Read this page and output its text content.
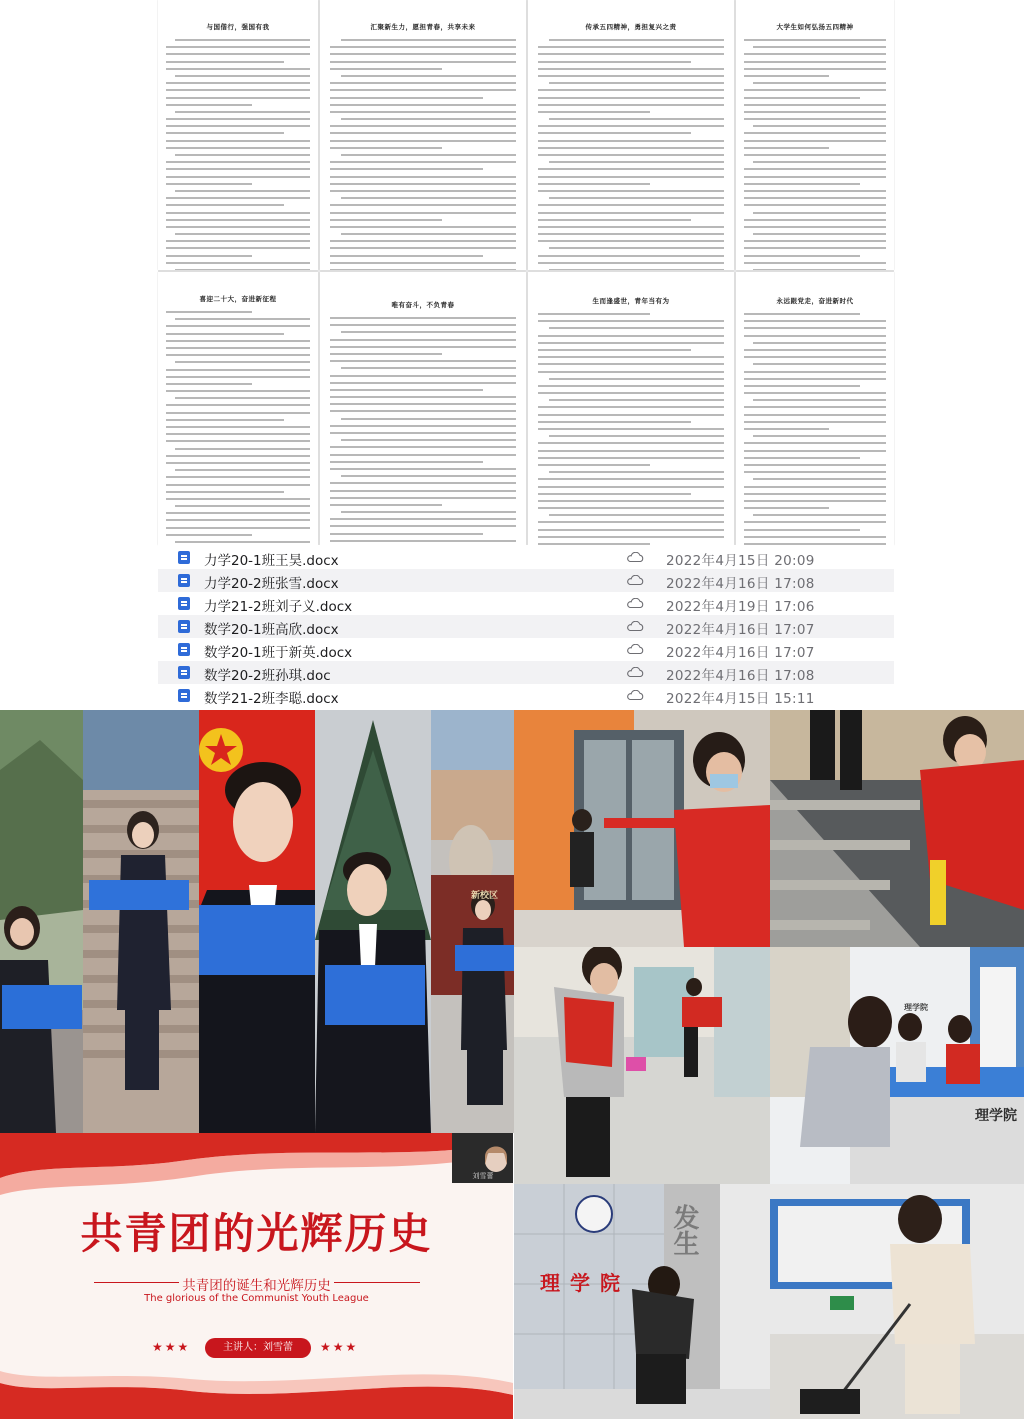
与国偕行，强国有我	汇聚新生力，愿担青春，共享未来	传承五四精神，勇担复兴之责	大学生如何弘扬五四精神
喜迎二十大，奋进新征程
唯有奋斗，不负青春	生而逢盛世，青年当有为	永远跟党走，奋进新时代
力学20-1班王昊.docx	2022年4月15日 20:09
力学20-2班张雪.docx	2022年4月16日 17:08
力学21-2班刘子义.docx	2022年4月19日 17:06
数学20-1班高欣.docx	2022年4月16日 17:07
数学20-1班于新英.docx	2022年4月16日 17:07
数学20-2班孙琪.doc	2022年4月16日 17:08
数学21-2班李聪.docx	2022年4月15日 15:11
新校区
理学院
理学院
理学院
发生
刘雪蕾
共青团的光辉历史
共青团的诞生和光辉历史
The glorious of the Communist Youth League
★★★	主讲人：刘雪蕾	★★★
